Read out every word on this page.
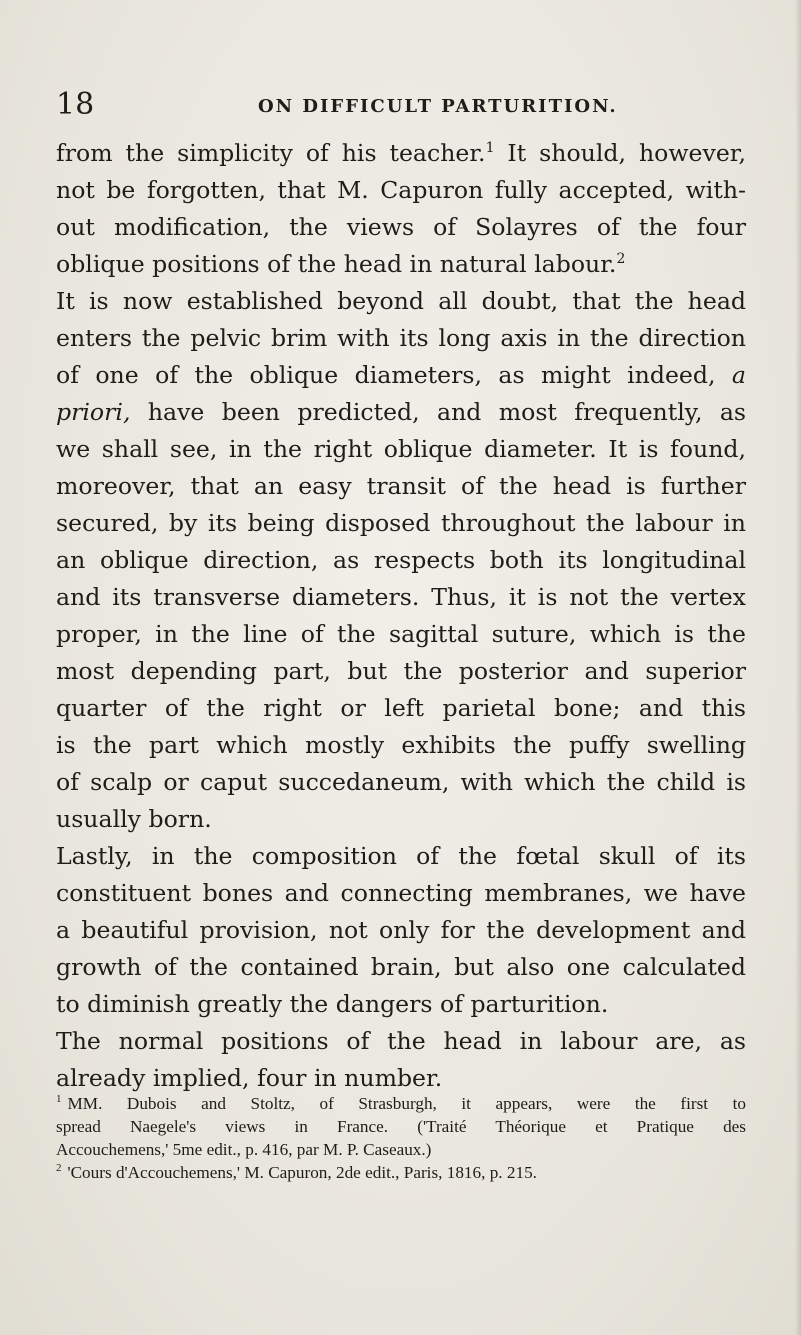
18	ON DIFFICULT PARTURITION.
from the simplicity of his teacher.$^1$ It should, however,
not be forgotten, that M. Capuron fully accepted, with-
out modification, the views of Solayres of the four
oblique positions of the head in natural labour.$^2$
It is now established beyond all doubt, that the head
enters the pelvic brim with its long axis in the direction
of one of the oblique diameters, as might indeed, a
priori, have been predicted, and most frequently, as
we shall see, in the right oblique diameter. It is found,
moreover, that an easy transit of the head is further
secured, by its being disposed throughout the labour in
an oblique direction, as respects both its longitudinal
and its transverse diameters. Thus, it is not the vertex
proper, in the line of the sagittal suture, which is the
most depending part, but the posterior and superior
quarter of the right or left parietal bone; and this
is the part which mostly exhibits the puffy swelling
of scalp or caput succedaneum, with which the child is
usually born.
Lastly, in the composition of the fœtal skull of its
constituent bones and connecting membranes, we have
a beautiful provision, not only for the development and
growth of the contained brain, but also one calculated
to diminish greatly the dangers of parturition.
The normal positions of the head in labour are, as
already implied, four in number.
$^1$ MM. Dubois and Stoltz, of Strasburgh, it appears, were the first to
spread Naegele's views in France. ('Traité Théorique et Pratique des
Accouchemens,' 5me edit., p. 416, par M. P. Caseaux.)
$^2$ 'Cours d'Accouchemens,' M. Capuron, 2de edit., Paris, 1816, p. 215.
